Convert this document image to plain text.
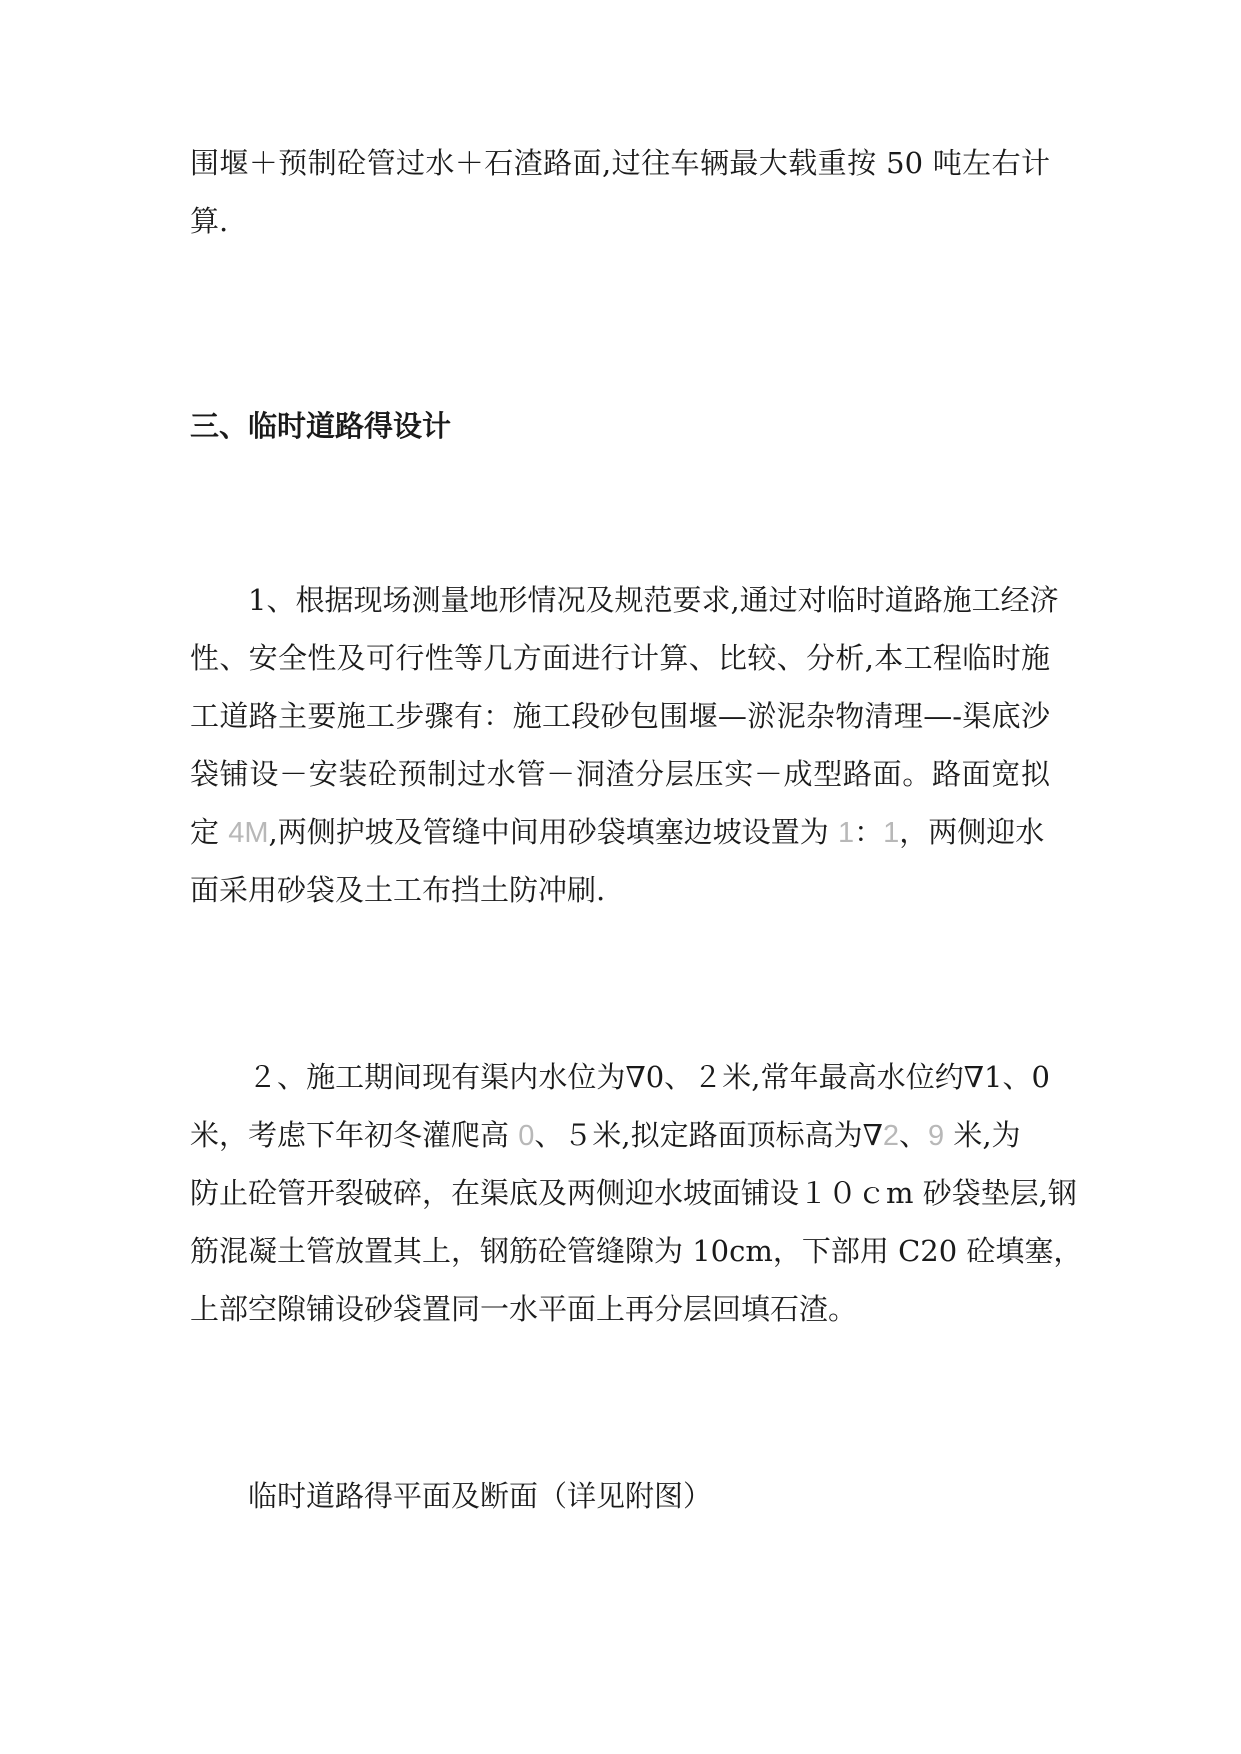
围堰＋预制砼管过水＋石渣路面,过往车辆最大载重按 50 吨左右计
算.
三、临时道路得设计
1、根据现场测量地形情况及规范要求,通过对临时道路施工经济
性、安全性及可行性等几方面进行计算、比较、分析,本工程临时施
工道路主要施工步骤有：施工段砂包围堰—淤泥杂物清理—-渠底沙
袋铺设－安装砼预制过水管－洞渣分层压实－成型路面。路面宽拟
定 4M,两侧护坡及管缝中间用砂袋填塞边坡设置为 1：1，两侧迎水
面采用砂袋及土工布挡土防冲刷.
２、施工期间现有渠内水位为∇0、２米,常年最高水位约∇1、0
米，考虑下年初冬灌爬高 0、５米,拟定路面顶标高为∇2、9 米,为
防止砼管开裂破碎，在渠底及两侧迎水坡面铺设１０ｃm 砂袋垫层,钢
筋混凝土管放置其上，钢筋砼管缝隙为 10cm，下部用 C20 砼填塞，
上部空隙铺设砂袋置同一水平面上再分层回填石渣。
临时道路得平面及断面（详见附图）
